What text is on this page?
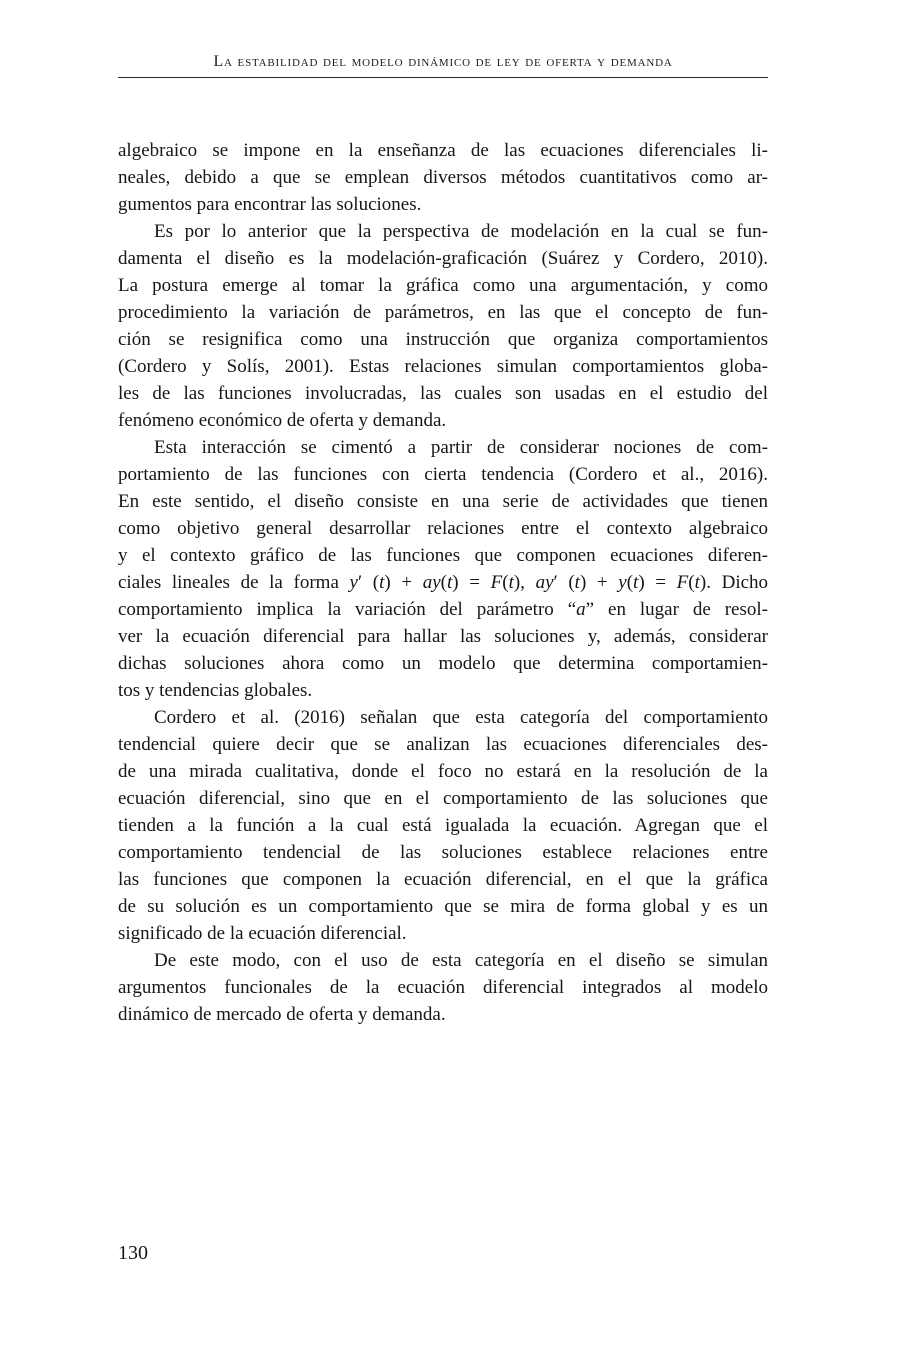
La estabilidad del modelo dinámico de ley de oferta y demanda

algebraico se impone en la enseñanza de las ecuaciones diferenciales li-
neales, debido a que se emplean diversos métodos cuantitativos como ar-
gumentos para encontrar las soluciones.

Es por lo anterior que la perspectiva de modelación en la cual se fun-
damenta el diseño es la modelación-graficación (Suárez y Cordero, 2010).
La postura emerge al tomar la gráfica como una argumentación, y como
procedimiento la variación de parámetros, en las que el concepto de fun-
ción se resignifica como una instrucción que organiza comportamientos
(Cordero y Solís, 2001). Estas relaciones simulan comportamientos globa-
les de las funciones involucradas, las cuales son usadas en el estudio del
fenómeno económico de oferta y demanda.

Esta interacción se cimentó a partir de considerar nociones de com-
portamiento de las funciones con cierta tendencia (Cordero et al., 2016).
En este sentido, el diseño consiste en una serie de actividades que tienen
como objetivo general desarrollar relaciones entre el contexto algebraico
y el contexto gráfico de las funciones que componen ecuaciones diferen-
ciales lineales de la forma y′ (t) + ay(t) = F(t), ay′ (t) + y(t) = F(t). Dicho
comportamiento implica la variación del parámetro “a” en lugar de resol-
ver la ecuación diferencial para hallar las soluciones y, además, considerar
dichas soluciones ahora como un modelo que determina comportamien-
tos y tendencias globales.

Cordero et al. (2016) señalan que esta categoría del comportamiento
tendencial quiere decir que se analizan las ecuaciones diferenciales des-
de una mirada cualitativa, donde el foco no estará en la resolución de la
ecuación diferencial, sino que en el comportamiento de las soluciones que
tienden a la función a la cual está igualada la ecuación. Agregan que el
comportamiento tendencial de las soluciones establece relaciones entre
las funciones que componen la ecuación diferencial, en el que la gráfica
de su solución es un comportamiento que se mira de forma global y es un
significado de la ecuación diferencial.

De este modo, con el uso de esta categoría en el diseño se simulan
argumentos funcionales de la ecuación diferencial integrados al modelo
dinámico de mercado de oferta y demanda.

130
